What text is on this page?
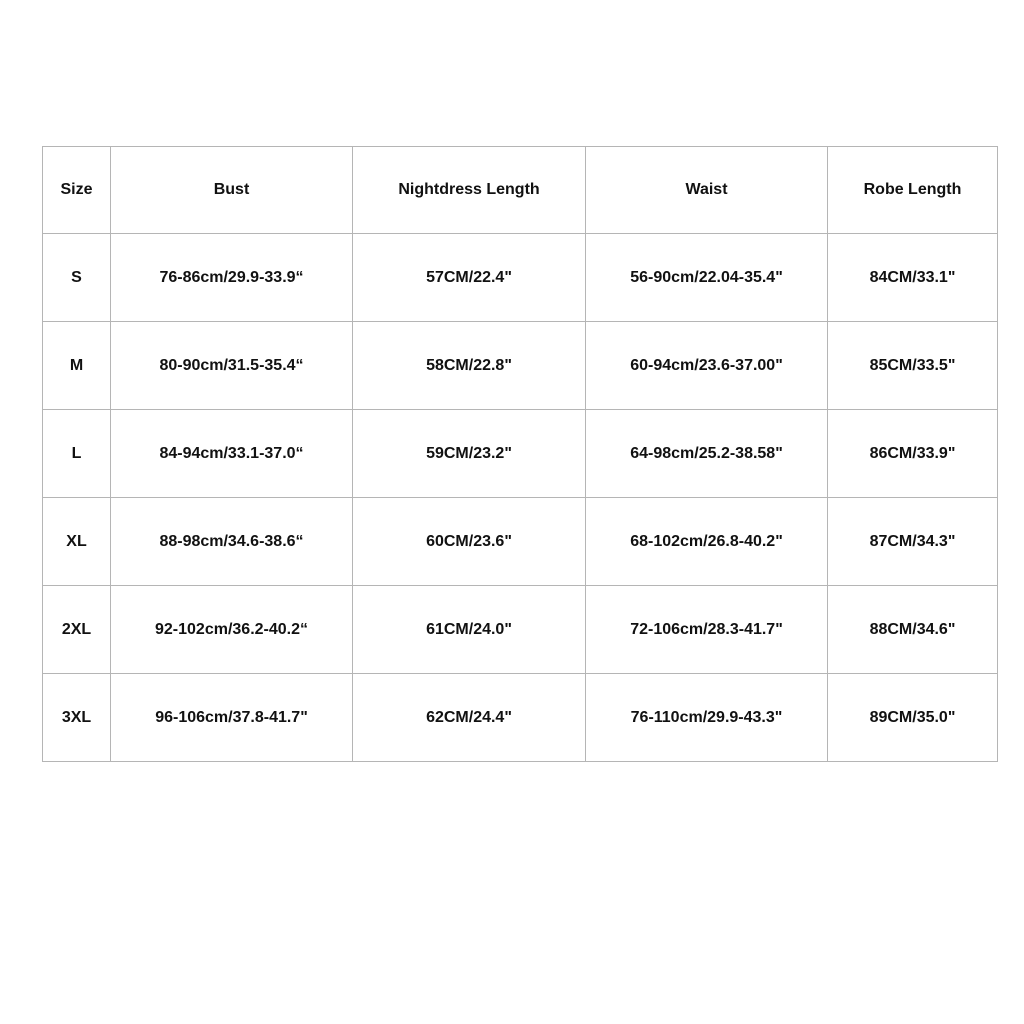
Size	Bust	Nightdress Length	Waist	Robe Length
S	76-86cm/29.9-33.9“	57CM/22.4"	56-90cm/22.04-35.4"	84CM/33.1"
M	80-90cm/31.5-35.4“	58CM/22.8"	60-94cm/23.6-37.00"	85CM/33.5"
L	84-94cm/33.1-37.0“	59CM/23.2"	64-98cm/25.2-38.58"	86CM/33.9"
XL	88-98cm/34.6-38.6“	60CM/23.6"	68-102cm/26.8-40.2"	87CM/34.3"
2XL	92-102cm/36.2-40.2“	61CM/24.0"	72-106cm/28.3-41.7"	88CM/34.6"
3XL	96-106cm/37.8-41.7"	62CM/24.4"	76-110cm/29.9-43.3"	89CM/35.0"
